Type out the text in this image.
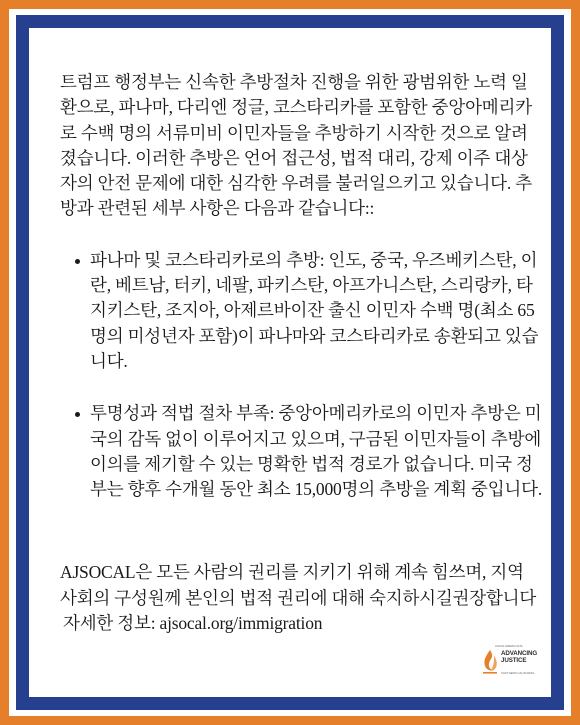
트럼프 행정부는 신속한 추방절차 진행을 위한 광범위한 노력 일환으로, 파나마, 다리엔 정글, 코스타리카를 포함한 중앙아메리카로 수백 명의 서류미비 이민자들을 추방하기 시작한 것으로 알려졌습니다. 이러한 추방은 언어 접근성, 법적 대리, 강제 이주 대상자의 안전 문제에 대한 심각한 우려를 불러일으키고 있습니다. 추방과 관련된 세부 사항은 다음과 같습니다::

파나마 및 코스타리카로의 추방: 인도, 중국, 우즈베키스탄, 이란, 베트남, 터키, 네팔, 파키스탄, 아프가니스탄, 스리랑카, 타지키스탄, 조지아, 아제르바이잔 출신 이민자 수백 명(최소 65명의 미성년자 포함)이 파나마와 코스타리카로 송환되고 있습니다.
투명성과 적법 절차 부족: 중앙아메리카로의 이민자 추방은 미국의 감독 없이 이루어지고 있으며, 구금된 이민자들이 추방에 이의를 제기할 수 있는 명확한 법적 경로가 없습니다. 미국 정부는 향후 수개월 동안 최소 15,000명의 추방을 계획 중입니다.

AJSOCAL은 모든 사람의 권리를 지키기 위해 계속 힘쓰며, 지역 사회의 구성원께 본인의 법적 권리에 대해 숙지하시길권장합니다

자세한 정보: ajsocal.org/immigration

ASIAN AMERICANS
ADVANCING
JUSTICE
SOUTHERN CALIFORNIA
